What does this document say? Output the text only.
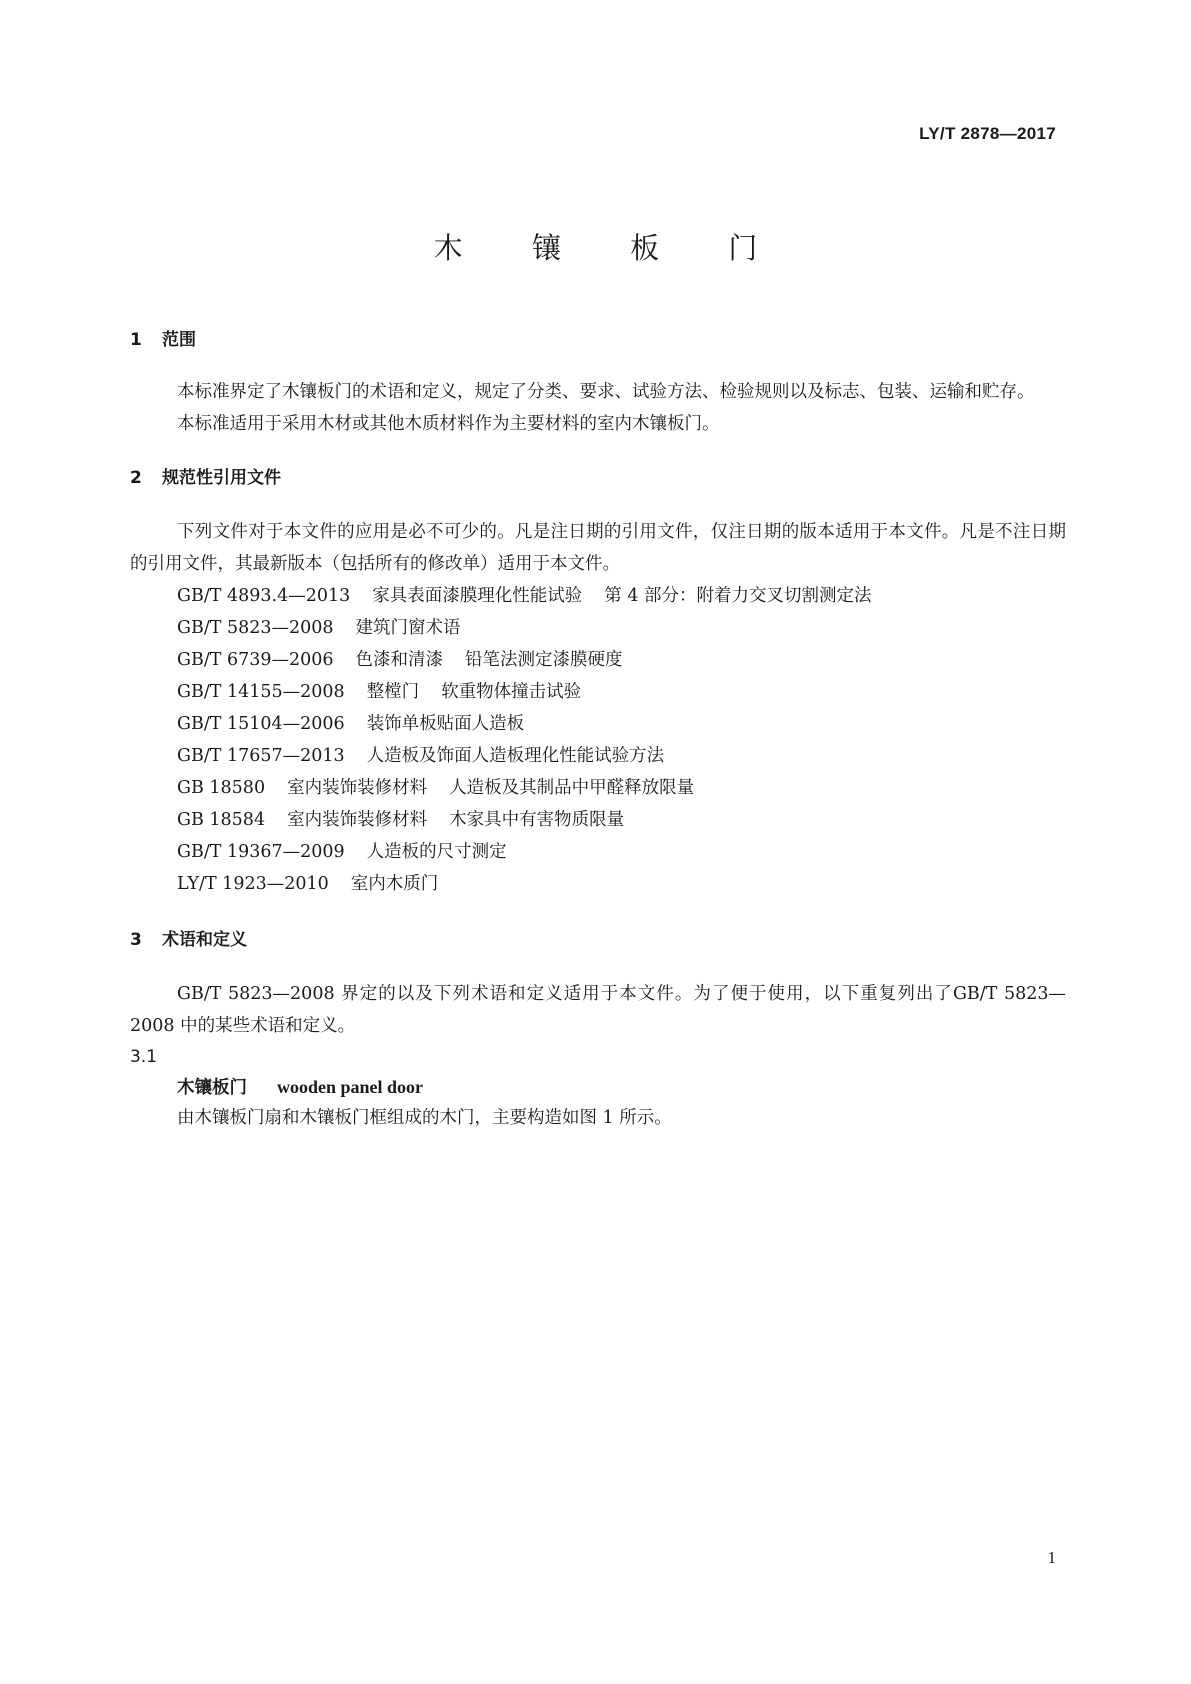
LY/T 2878—2017
木 镶 板 门
1 范围

本标准界定了木镶板门的术语和定义，规定了分类、要求、试验方法、检验规则以及标志、包装、运输和贮存。

本标准适用于采用木材或其他木质材料作为主要材料的室内木镶板门。

2 规范性引用文件

下列文件对于本文件的应用是必不可少的。凡是注日期的引用文件，仅注日期的版本适用于本文件。凡是不注日期的引用文件，其最新版本（包括所有的修改单）适用于本文件。

GB/T 4893.4—2013 家具表面漆膜理化性能试验 第 4 部分：附着力交叉切割测定法
GB/T 5823—2008 建筑门窗术语
GB/T 6739—2006 色漆和清漆 铅笔法测定漆膜硬度
GB/T 14155—2008 整樘门 软重物体撞击试验
GB/T 15104—2006 装饰单板贴面人造板
GB/T 17657—2013 人造板及饰面人造板理化性能试验方法
GB 18580 室内装饰装修材料 人造板及其制品中甲醛释放限量
GB 18584 室内装饰装修材料 木家具中有害物质限量
GB/T 19367—2009 人造板的尺寸测定
LY/T 1923—2010 室内木质门
3 术语和定义

GB/T 5823—2008 界定的以及下列术语和定义适用于本文件。为了便于使用，以下重复列出了GB/T 5823—2008 中的某些术语和定义。

3.1

木镶板门 wooden panel door

由木镶板门扇和木镶板门框组成的木门，主要构造如图 1 所示。

1
